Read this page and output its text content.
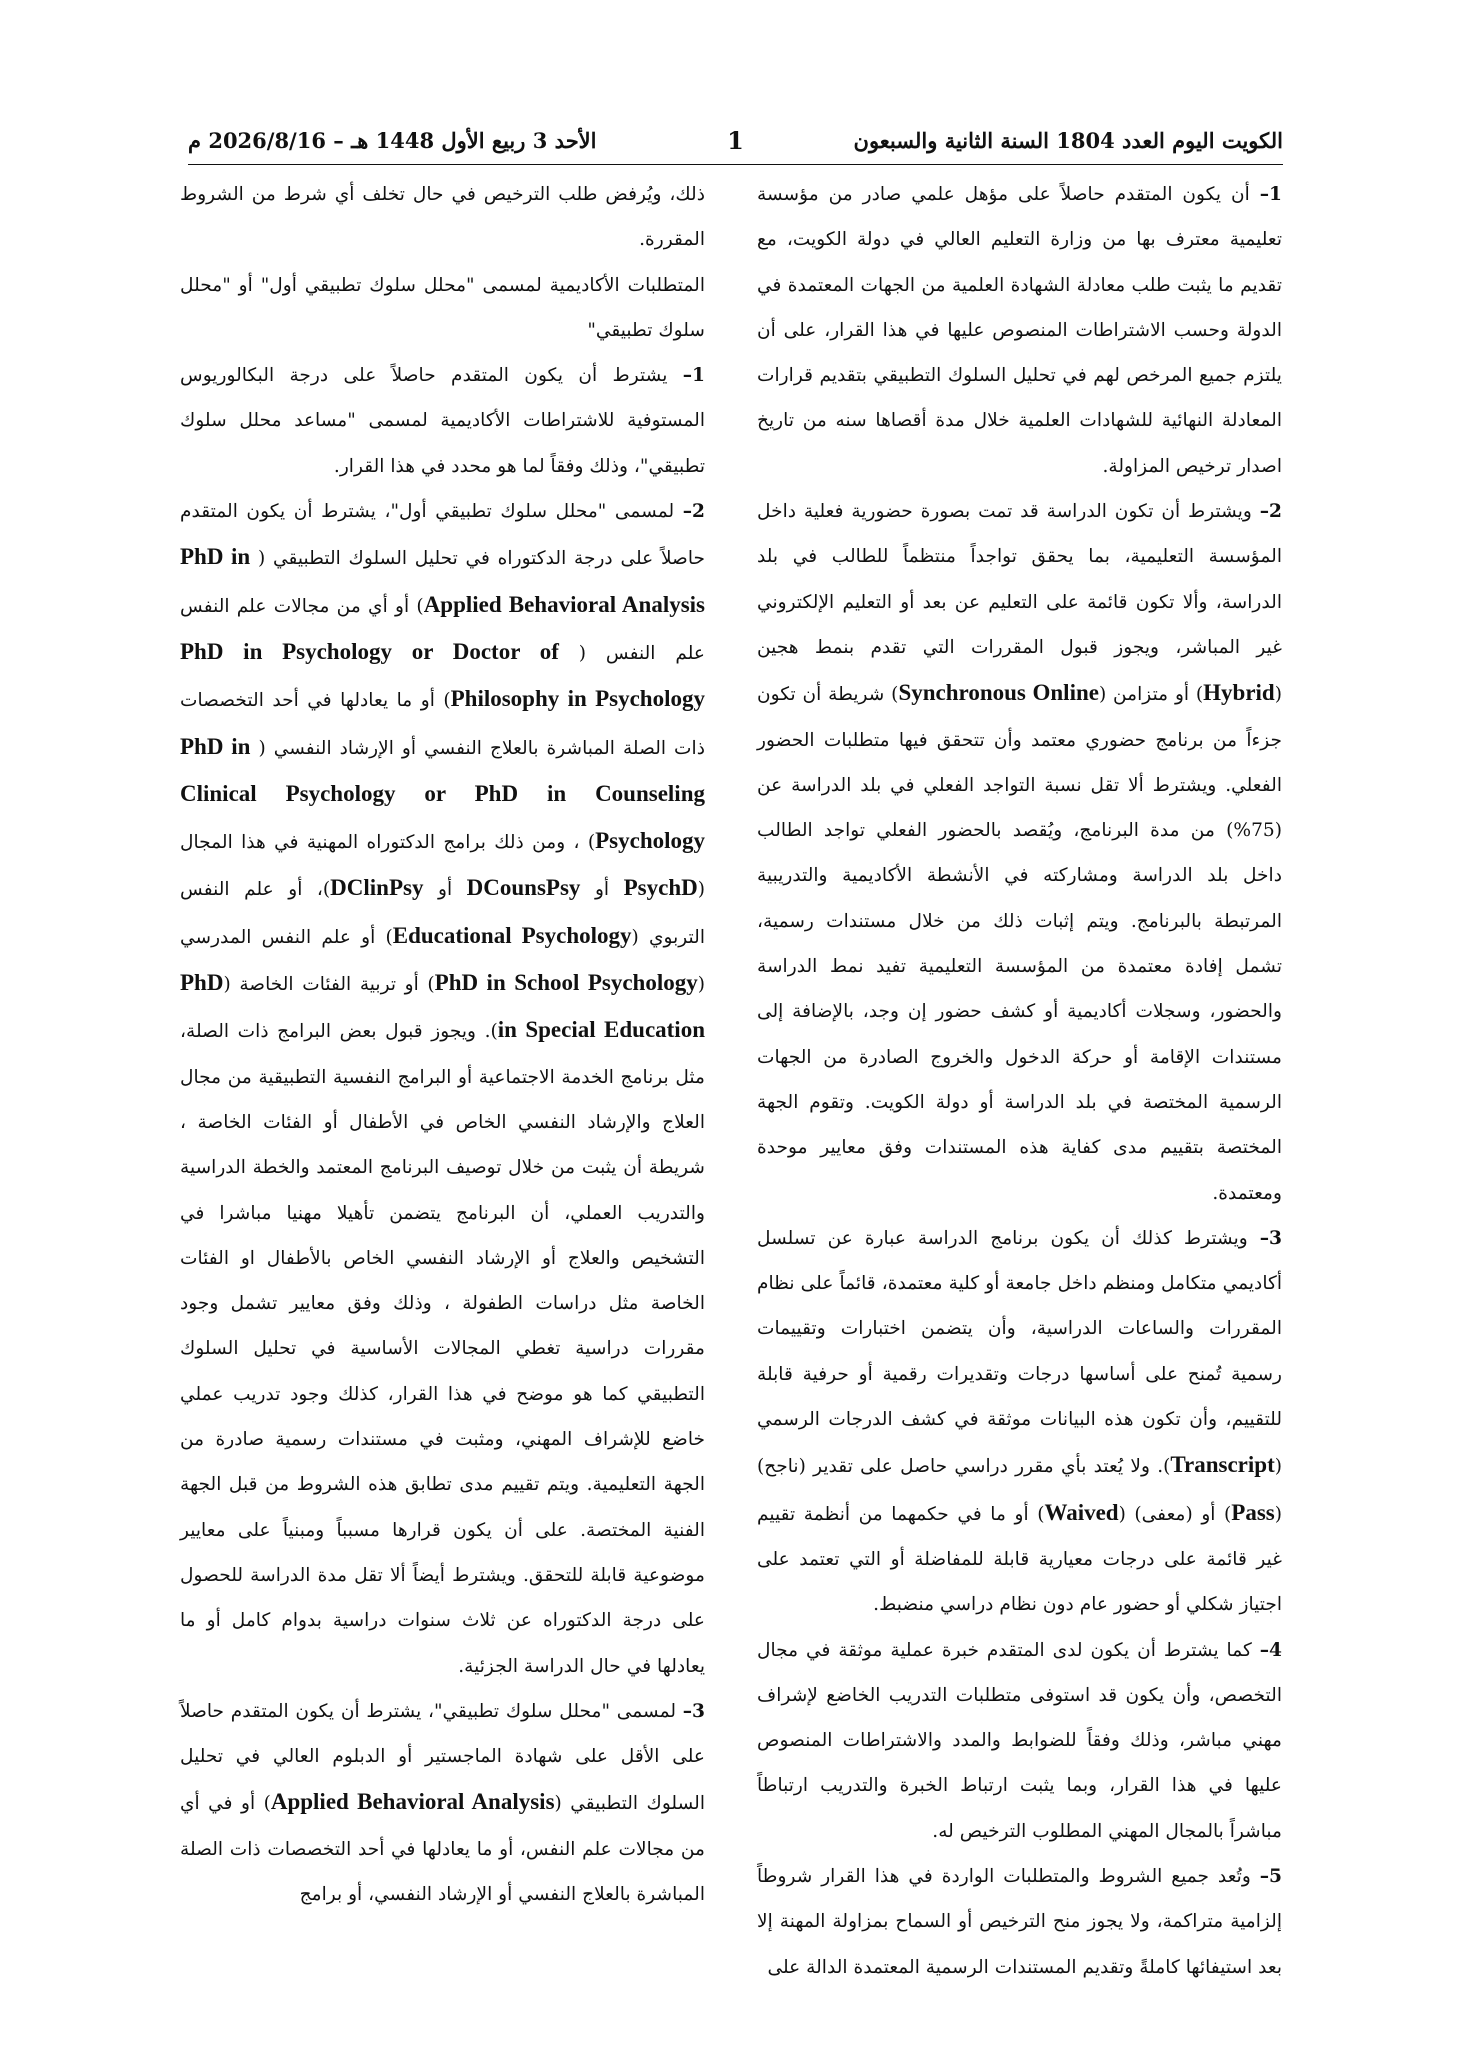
الكويت اليوم العدد 1804 السنة الثانية والسبعون
1
الأحد 3 ربيع الأول 1448 هـ – 2026/8/16 م

1– أن يكون المتقدم حاصلاً على مؤهل علمي صادر من مؤسسة تعليمية معترف بها من وزارة التعليم العالي في دولة الكويت، مع تقديم ما يثبت طلب معادلة الشهادة العلمية من الجهات المعتمدة في الدولة وحسب الاشتراطات المنصوص عليها في هذا القرار، على أن يلتزم جميع المرخص لهم في تحليل السلوك التطبيقي بتقديم قرارات المعادلة النهائية للشهادات العلمية خلال مدة أقصاها سنه من تاريخ اصدار ترخيص المزاولة.

2– ويشترط أن تكون الدراسة قد تمت بصورة حضورية فعلية داخل المؤسسة التعليمية، بما يحقق تواجداً منتظماً للطالب في بلد الدراسة، وألا تكون قائمة على التعليم عن بعد أو التعليم الإلكتروني غير المباشر، ويجوز قبول المقررات التي تقدم بنمط هجين (Hybrid) أو متزامن (Synchronous Online) شريطة أن تكون جزءاً من برنامج حضوري معتمد وأن تتحقق فيها متطلبات الحضور الفعلي. ويشترط ألا تقل نسبة التواجد الفعلي في بلد الدراسة عن (75%) من مدة البرنامج، ويُقصد بالحضور الفعلي تواجد الطالب داخل بلد الدراسة ومشاركته في الأنشطة الأكاديمية والتدريبية المرتبطة بالبرنامج. ويتم إثبات ذلك من خلال مستندات رسمية، تشمل إفادة معتمدة من المؤسسة التعليمية تفيد نمط الدراسة والحضور، وسجلات أكاديمية أو كشف حضور إن وجد، بالإضافة إلى مستندات الإقامة أو حركة الدخول والخروج الصادرة من الجهات الرسمية المختصة في بلد الدراسة أو دولة الكويت. وتقوم الجهة المختصة بتقييم مدى كفاية هذه المستندات وفق معايير موحدة ومعتمدة.

3– ويشترط كذلك أن يكون برنامج الدراسة عبارة عن تسلسل أكاديمي متكامل ومنظم داخل جامعة أو كلية معتمدة، قائماً على نظام المقررات والساعات الدراسية، وأن يتضمن اختبارات وتقييمات رسمية تُمنح على أساسها درجات وتقديرات رقمية أو حرفية قابلة للتقييم، وأن تكون هذه البيانات موثقة في كشف الدرجات الرسمي (Transcript). ولا يُعتد بأي مقرر دراسي حاصل على تقدير (ناجح) (Pass) أو (معفى) (Waived) أو ما في حكمهما من أنظمة تقييم غير قائمة على درجات معيارية قابلة للمفاضلة أو التي تعتمد على اجتياز شكلي أو حضور عام دون نظام دراسي منضبط.

4– كما يشترط أن يكون لدى المتقدم خبرة عملية موثقة في مجال التخصص، وأن يكون قد استوفى متطلبات التدريب الخاضع لإشراف مهني مباشر، وذلك وفقاً للضوابط والمدد والاشتراطات المنصوص عليها في هذا القرار، وبما يثبت ارتباط الخبرة والتدريب ارتباطاً مباشراً بالمجال المهني المطلوب الترخيص له.

5– وتُعد جميع الشروط والمتطلبات الواردة في هذا القرار شروطاً إلزامية متراكمة، ولا يجوز منح الترخيص أو السماح بمزاولة المهنة إلا بعد استيفائها كاملةً وتقديم المستندات الرسمية المعتمدة الدالة على

ذلك، ويُرفض طلب الترخيص في حال تخلف أي شرط من الشروط المقررة.

المتطلبات الأكاديمية لمسمى "محلل سلوك تطبيقي أول" أو "محلل سلوك تطبيقي"

1– يشترط أن يكون المتقدم حاصلاً على درجة البكالوريوس المستوفية للاشتراطات الأكاديمية لمسمى "مساعد محلل سلوك تطبيقي"، وذلك وفقاً لما هو محدد في هذا القرار.

2– لمسمى "محلل سلوك تطبيقي أول"، يشترط أن يكون المتقدم حاصلاً على درجة الدكتوراه في تحليل السلوك التطبيقي ( PhD in Applied Behavioral Analysis) أو أي من مجالات علم النفس علم النفس ( PhD in Psychology or Doctor of Philosophy in Psychology) أو ما يعادلها في أحد التخصصات ذات الصلة المباشرة بالعلاج النفسي أو الإرشاد النفسي ( PhD in Clinical Psychology or PhD in Counseling Psychology) ، ومن ذلك برامج الدكتوراه المهنية في هذا المجال (PsychD أو DCounsPsy أو DClinPsy)، أو علم النفس التربوي (Educational Psychology) أو علم النفس المدرسي (PhD in School Psychology) أو تربية الفئات الخاصة (PhD in Special Education). ويجوز قبول بعض البرامج ذات الصلة، مثل برنامج الخدمة الاجتماعية أو البرامج النفسية التطبيقية من مجال العلاج والإرشاد النفسي الخاص في الأطفال أو الفئات الخاصة ، شريطة أن يثبت من خلال توصيف البرنامج المعتمد والخطة الدراسية والتدريب العملي، أن البرنامج يتضمن تأهيلا مهنيا مباشرا في التشخيص والعلاج أو الإرشاد النفسي الخاص بالأطفال او الفئات الخاصة مثل دراسات الطفولة ، وذلك وفق معايير تشمل وجود مقررات دراسية تغطي المجالات الأساسية في تحليل السلوك التطبيقي كما هو موضح في هذا القرار، كذلك وجود تدريب عملي خاضع للإشراف المهني، ومثبت في مستندات رسمية صادرة من الجهة التعليمية. ويتم تقييم مدى تطابق هذه الشروط من قبل الجهة الفنية المختصة. على أن يكون قرارها مسبباً ومبنياً على معايير موضوعية قابلة للتحقق. ويشترط أيضاً ألا تقل مدة الدراسة للحصول على درجة الدكتوراه عن ثلاث سنوات دراسية بدوام كامل أو ما يعادلها في حال الدراسة الجزئية.

3– لمسمى "محلل سلوك تطبيقي"، يشترط أن يكون المتقدم حاصلاً على الأقل على شهادة الماجستير أو الدبلوم العالي في تحليل السلوك التطبيقي (Applied Behavioral Analysis) أو في أي من مجالات علم النفس، أو ما يعادلها في أحد التخصصات ذات الصلة المباشرة بالعلاج النفسي أو الإرشاد النفسي، أو برامج
